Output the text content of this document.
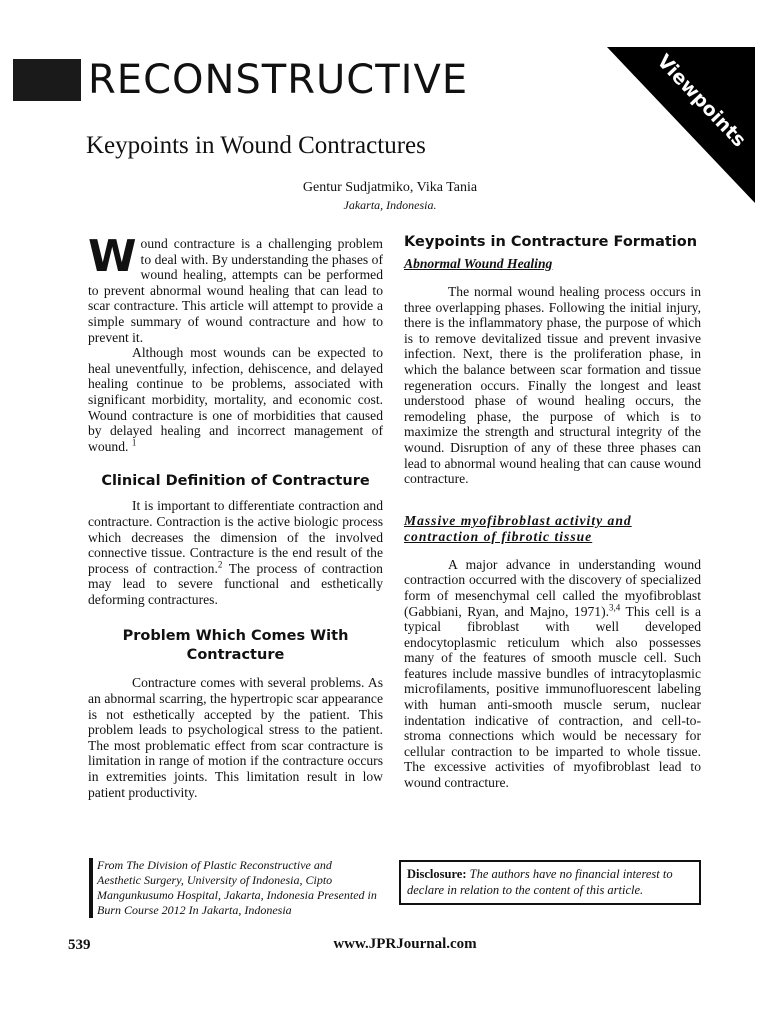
RECONSTRUCTIVE	Viewpoints
Keypoints in Wound Contractures
Gentur Sudjatmiko, Vika Tania
Jakarta, Indonesia.

Wound contracture is a challenging problem to deal with. By understanding the phases of wound healing, attempts can be performed to prevent abnormal wound healing that can lead to scar contracture. This article will attempt to provide a simple summary of wound contracture and how to prevent it.

Although most wounds can be expected to heal uneventfully, infection, dehiscence, and delayed healing continue to be problems, associated with significant morbidity, mortality, and economic cost. Wound contracture is one of morbidities that caused by delayed healing and incorrect management of wound. $^1$

Clinical Definition of Contracture

It is important to differentiate contraction and contracture. Contraction is the active biologic process which decreases the dimension of the involved connective tissue. Contracture is the end result of the process of contraction.$^2$ The process of contraction may lead to severe functional and esthetically deforming contractures.

Problem Which Comes With Contracture

Contracture comes with several problems. As an abnormal scarring, the hypertropic scar appearance is not esthetically accepted by the patient. This problem leads to psychological stress to the patient. The most problematic effect from scar contracture is limitation in range of motion if the contracture occurs in extremities joints. This limitation result in low patient productivity.

Keypoints in Contracture Formation
Abnormal Wound Healing

The normal wound healing process occurs in three overlapping phases. Following the initial injury, there is the inflammatory phase, the purpose of which is to remove devitalized tissue and prevent invasive infection. Next, there is the proliferation phase, in which the balance between scar formation and tissue regeneration occurs. Finally the longest and least understood phase of wound healing occurs, the remodeling phase, the purpose of which is to maximize the strength and structural integrity of the wound. Disruption of any of these three phases can lead to abnormal wound healing that can cause wound contracture.

Massive myofibroblast activity and contraction of fibrotic tissue

A major advance in understanding wound contraction occurred with the discovery of specialized form of mesenchymal cell called the myofibroblast (Gabbiani, Ryan, and Majno, 1971).$^{3,4}$ This cell is a typical fibroblast with well developed endocytoplasmic reticulum which also possesses many of the features of smooth muscle cell. Such features include massive bundles of intracytoplasmic microfilaments, positive immunofluorescent labeling with human anti-smooth muscle serum, nuclear indentation indicative of contraction, and cell-to-stroma connections which would be necessary for cellular contraction to be imparted to whole tissue. The excessive activities of myofibroblast lead to wound contracture.

From The Division of Plastic Reconstructive and Aesthetic Surgery, University of Indonesia, Cipto Mangunkusumo Hospital, Jakarta, Indonesia Presented in Burn Course 2012 In Jakarta, Indonesia
Disclosure: The authors have no financial interest to declare in relation to the content of this article.
539	www.JPRJournal.com
